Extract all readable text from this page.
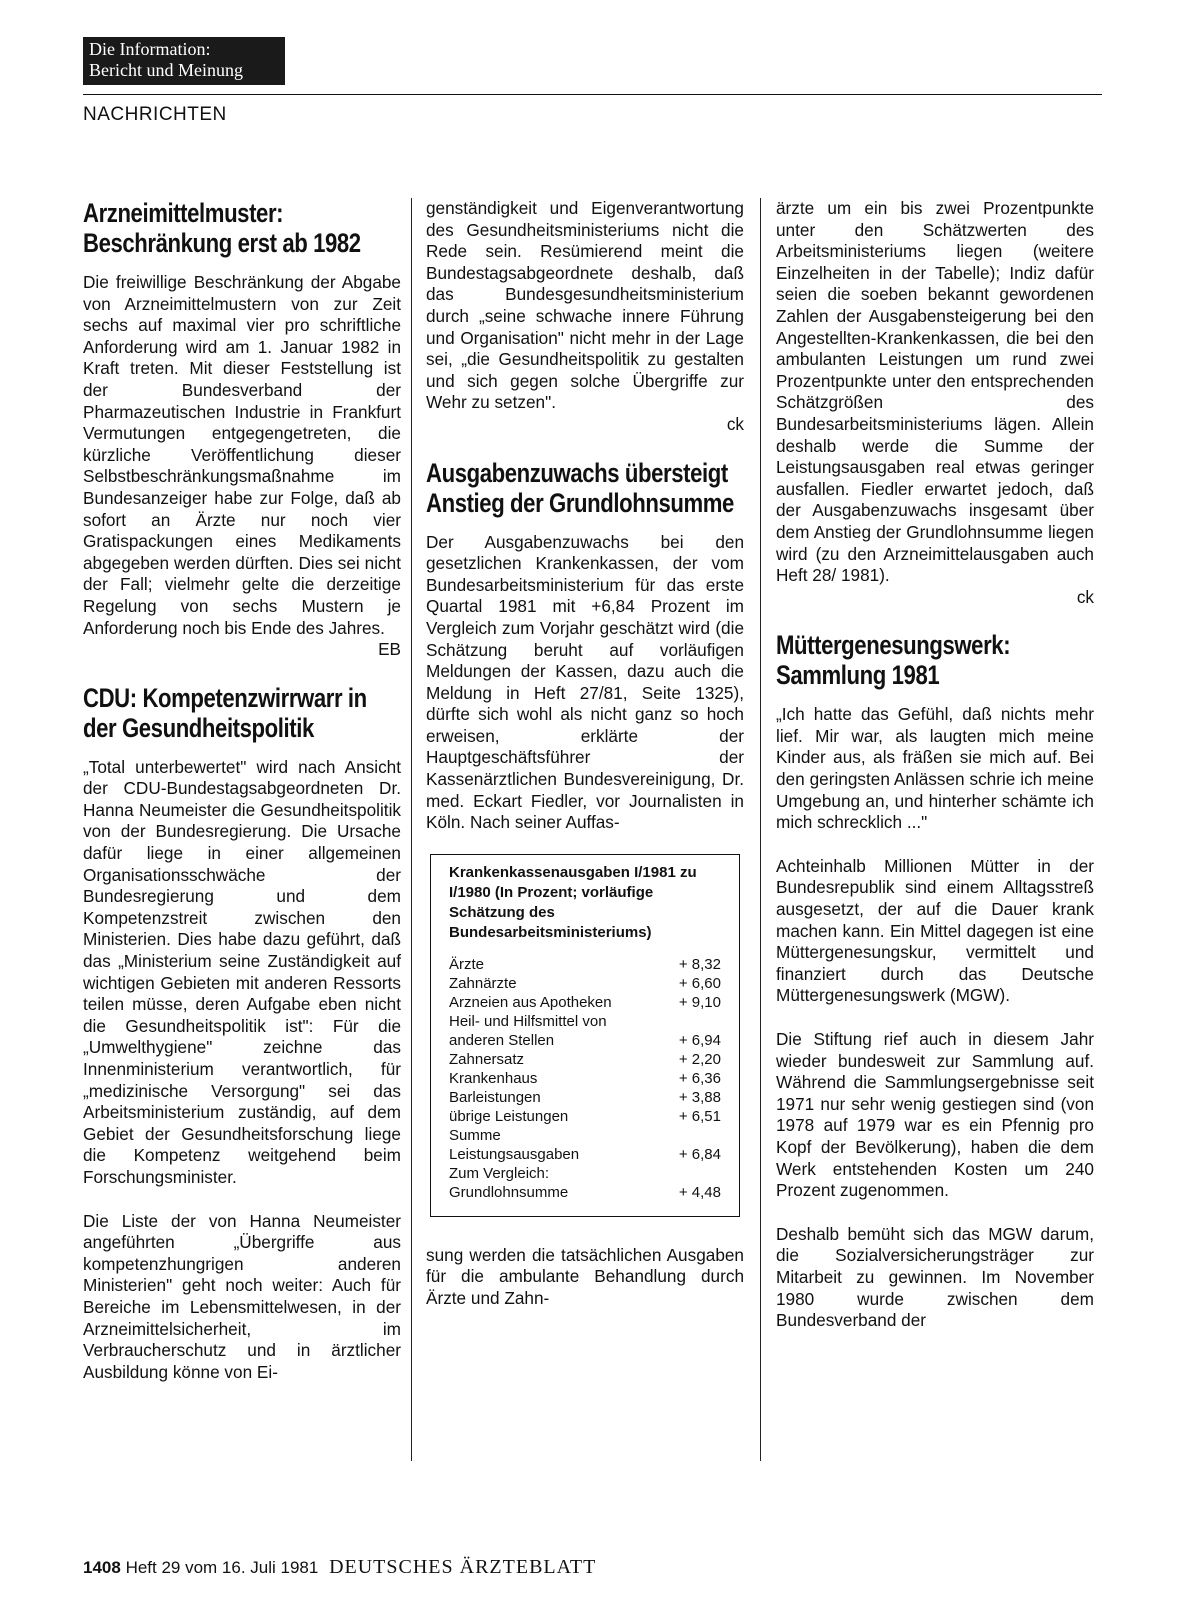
Die Information:
Bericht und Meinung
NACHRICHTEN
Arzneimittelmuster: Beschränkung erst ab 1982

Die freiwillige Beschränkung der Abgabe von Arzneimittelmustern von zur Zeit sechs auf maximal vier pro schriftliche Anforderung wird am 1. Januar 1982 in Kraft treten. Mit dieser Feststellung ist der Bundesverband der Pharmazeutischen Industrie in Frankfurt Vermutungen entgegengetreten, die kürzliche Veröffentlichung dieser Selbstbeschränkungsmaßnahme im Bundesanzeiger habe zur Folge, daß ab sofort an Ärzte nur noch vier Gratispackungen eines Medikaments abgegeben werden dürften. Dies sei nicht der Fall; vielmehr gelte die derzeitige Regelung von sechs Mustern je Anforderung noch bis Ende des Jahres.
EB

CDU: Kompetenzwirrwarr in der Gesundheitspolitik

„Total unterbewertet" wird nach Ansicht der CDU-Bundestagsabgeordneten Dr. Hanna Neumeister die Gesundheitspolitik von der Bundesregierung. Die Ursache dafür liege in einer allgemeinen Organisationsschwäche der Bundesregierung und dem Kompetenzstreit zwischen den Ministerien. Dies habe dazu geführt, daß das „Ministerium seine Zuständigkeit auf wichtigen Gebieten mit anderen Ressorts teilen müsse, deren Aufgabe eben nicht die Gesundheitspolitik ist": Für die „Umwelthygiene" zeichne das Innenministerium verantwortlich, für „medizinische Versorgung" sei das Arbeitsministerium zuständig, auf dem Gebiet der Gesundheitsforschung liege die Kompetenz weitgehend beim Forschungsminister.

Die Liste der von Hanna Neumeister angeführten „Übergriffe aus kompetenzhungrigen anderen Ministerien" geht noch weiter: Auch für Bereiche im Lebensmittelwesen, in der Arzneimittelsicherheit, im Verbraucherschutz und in ärztlicher Ausbildung könne von Ei-

genständigkeit und Eigenverantwortung des Gesundheitsministeriums nicht die Rede sein. Resümierend meint die Bundestagsabgeordnete deshalb, daß das Bundesgesundheitsministerium durch „seine schwache innere Führung und Organisation" nicht mehr in der Lage sei, „die Gesundheitspolitik zu gestalten und sich gegen solche Übergriffe zur Wehr zu setzen".
ck

Ausgabenzuwachs übersteigt Anstieg der Grundlohnsumme

Der Ausgabenzuwachs bei den gesetzlichen Krankenkassen, der vom Bundesarbeitsministerium für das erste Quartal 1981 mit +6,84 Prozent im Vergleich zum Vorjahr geschätzt wird (die Schätzung beruht auf vorläufigen Meldungen der Kassen, dazu auch die Meldung in Heft 27/81, Seite 1325), dürfte sich wohl als nicht ganz so hoch erweisen, erklärte der Hauptgeschäftsführer der Kassenärztlichen Bundesvereinigung, Dr. med. Eckart Fiedler, vor Journalisten in Köln. Nach seiner Auffas-

Krankenkassenausgaben I/1981 zu I/1980 (In Prozent; vorläufige Schätzung des Bundesarbeitsministeriums)
Ärzte	+ 8,32
Zahnärzte	+ 6,60
Arzneien aus Apotheken	+ 9,10
Heil- und Hilfsmittel von
anderen Stellen	+ 6,94
Zahnersatz	+ 2,20
Krankenhaus	+ 6,36
Barleistungen	+ 3,88
übrige Leistungen	+ 6,51
Summe
Leistungsausgaben	+ 6,84
Zum Vergleich:
Grundlohnsumme	+ 4,48

sung werden die tatsächlichen Ausgaben für die ambulante Behandlung durch Ärzte und Zahn-

ärzte um ein bis zwei Prozentpunkte unter den Schätzwerten des Arbeitsministeriums liegen (weitere Einzelheiten in der Tabelle); Indiz dafür seien die soeben bekannt gewordenen Zahlen der Ausgabensteigerung bei den Angestellten-Krankenkassen, die bei den ambulanten Leistungen um rund zwei Prozentpunkte unter den entsprechenden Schätzgrößen des Bundesarbeitsministeriums lägen. Allein deshalb werde die Summe der Leistungsausgaben real etwas geringer ausfallen. Fiedler erwartet jedoch, daß der Ausgabenzuwachs insgesamt über dem Anstieg der Grundlohnsumme liegen wird (zu den Arzneimittelausgaben auch Heft 28/ 1981).
ck

Müttergenesungswerk: Sammlung 1981

„Ich hatte das Gefühl, daß nichts mehr lief. Mir war, als laugten mich meine Kinder aus, als fräßen sie mich auf. Bei den geringsten Anlässen schrie ich meine Umgebung an, und hinterher schämte ich mich schrecklich ..."

Achteinhalb Millionen Mütter in der Bundesrepublik sind einem Alltagsstreß ausgesetzt, der auf die Dauer krank machen kann. Ein Mittel dagegen ist eine Müttergenesungskur, vermittelt und finanziert durch das Deutsche Müttergenesungswerk (MGW).

Die Stiftung rief auch in diesem Jahr wieder bundesweit zur Sammlung auf. Während die Sammlungsergebnisse seit 1971 nur sehr wenig gestiegen sind (von 1978 auf 1979 war es ein Pfennig pro Kopf der Bevölkerung), haben die dem Werk entstehenden Kosten um 240 Prozent zugenommen.

Deshalb bemüht sich das MGW darum, die Sozialversicherungsträger zur Mitarbeit zu gewinnen. Im November 1980 wurde zwischen dem Bundesverband der

1408 Heft 29 vom 16. Juli 1981 DEUTSCHES ÄRZTEBLATT
